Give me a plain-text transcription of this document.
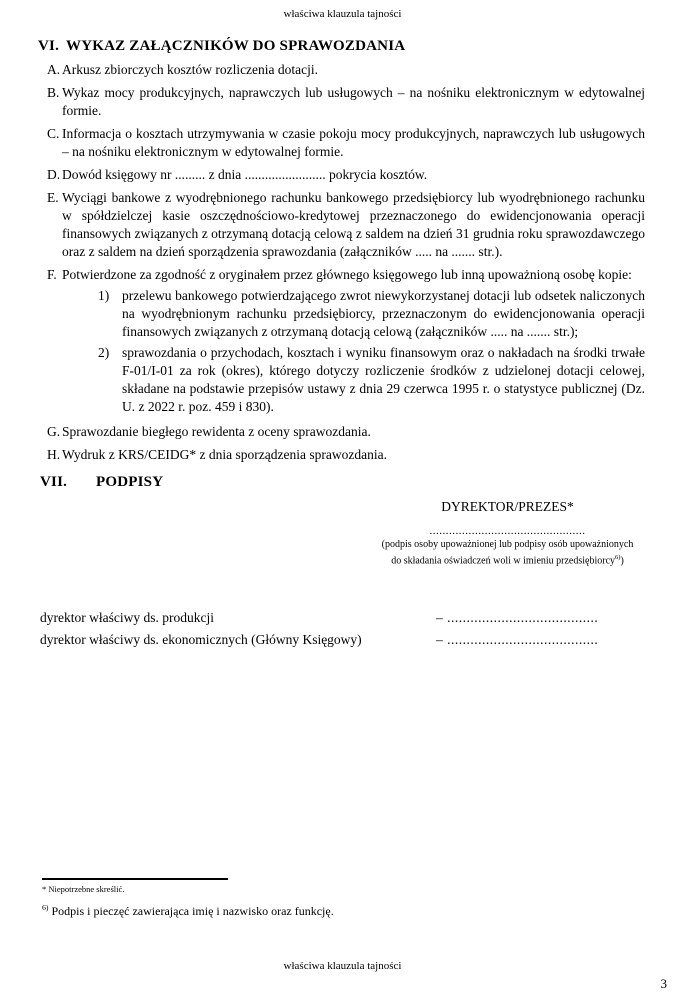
właściwa klauzula tajności
VI. WYKAZ ZAŁĄCZNIKÓW DO SPRAWOZDANIA
A. Arkusz zbiorczych kosztów rozliczenia dotacji.
B. Wykaz mocy produkcyjnych, naprawczych lub usługowych – na nośniku elektronicznym w edytowalnej formie.
C. Informacja o kosztach utrzymywania w czasie pokoju mocy produkcyjnych, naprawczych lub usługowych – na nośniku elektronicznym w edytowalnej formie.
D. Dowód księgowy nr ......... z dnia ........................ pokrycia kosztów.
E. Wyciągi bankowe z wyodrębnionego rachunku bankowego przedsiębiorcy lub wyodrębnionego rachunku w spółdzielczej kasie oszczędnościowo-kredytowej przeznaczonego do ewidencjonowania operacji finansowych związanych z otrzymaną dotacją celową z saldem na dzień 31 grudnia roku sprawozdawczego oraz z saldem na dzień sporządzenia sprawozdania (załączników ..... na ....... str.).
F. Potwierdzone za zgodność z oryginałem przez głównego księgowego lub inną upoważnioną osobę kopie:
1) przelewu bankowego potwierdzającego zwrot niewykorzystanej dotacji lub odsetek naliczonych na wyodrębnionym rachunku przedsiębiorcy, przeznaczonym do ewidencjonowania operacji finansowych związanych z otrzymaną dotacją celową (załączników ..... na ....... str.);
2) sprawozdania o przychodach, kosztach i wyniku finansowym oraz o nakładach na środki trwałe F-01/I-01 za rok (okres), którego dotyczy rozliczenie środków z udzielonej dotacji celowej, składane na podstawie przepisów ustawy z dnia 29 czerwca 1995 r. o statystyce publicznej (Dz. U. z 2022 r. poz. 459 i 830).
G. Sprawozdanie biegłego rewidenta z oceny sprawozdania.
H. Wydruk z KRS/CEIDG* z dnia sporządzenia sprawozdania.
VII.	PODPISY
DYREKTOR/PREZES*
................................................
(podpis osoby upoważnionej lub podpisy osób upoważnionych
do składania oświadczeń woli w imieniu przedsiębiorcy$^{6)}$)
dyrektor właściwy ds. produkcji	– .......................................
dyrektor właściwy ds. ekonomicznych (Główny Księgowy)	– .......................................
* Niepotrzebne skreślić.
$^{6)}$ Podpis i pieczęć zawierająca imię i nazwisko oraz funkcję.
właściwa klauzula tajności
3
